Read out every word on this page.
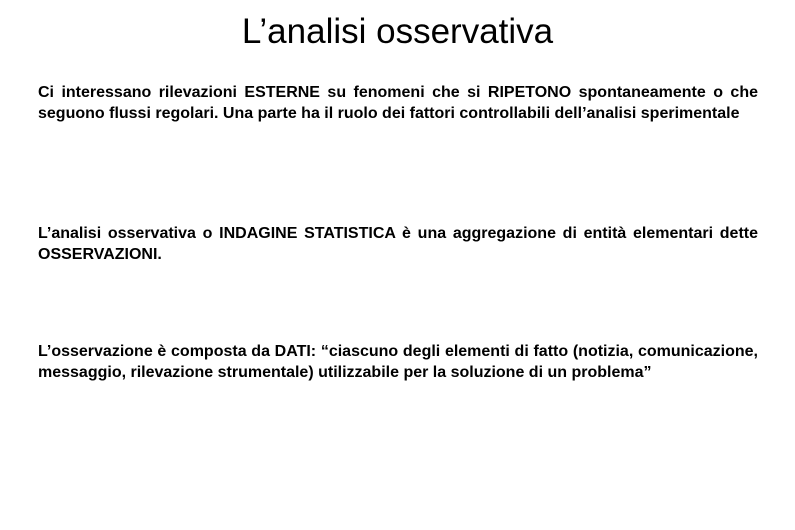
L’analisi osservativa

Ci interessano rilevazioni ESTERNE su fenomeni che si RIPETONO spontaneamente o che seguono flussi regolari. Una parte ha il ruolo dei fattori controllabili dell’analisi sperimentale

L’analisi osservativa o INDAGINE STATISTICA è una aggregazione di entità elementari dette OSSERVAZIONI.

L’osservazione è composta da DATI: “ciascuno degli elementi di fatto (notizia, comunicazione, messaggio, rilevazione strumentale) utilizzabile per la soluzione di un problema”
